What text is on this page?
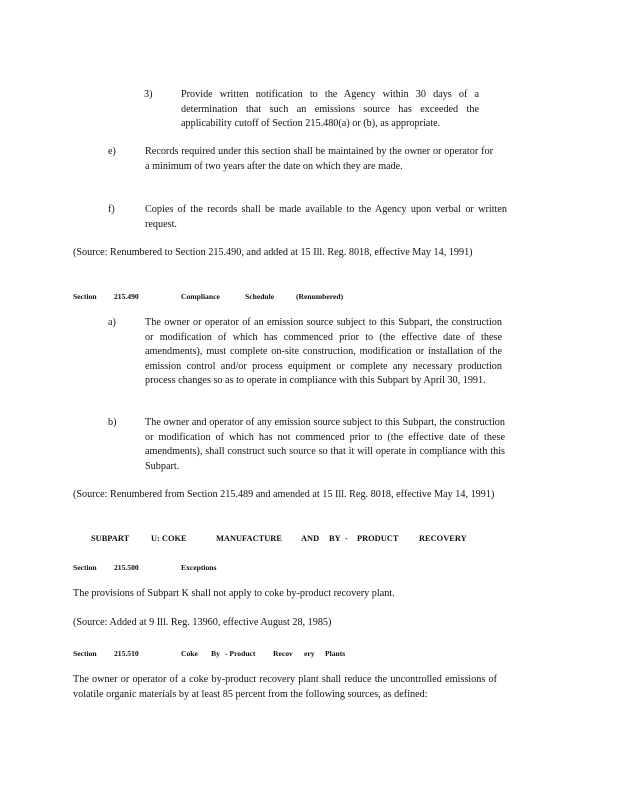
3)	Provide written notification to the Agency within 30 days of a determination that such an emissions source has exceeded the applicability cutoff of Section 215.480(a) or (b), as appropriate.
e)	Records required under this section shall be maintained by the owner or operator for a minimum of two years after the date on which they are made.
f)	Copies of the records shall be made available to the Agency upon verbal or written request.
(Source: Renumbered to Section 215.490, and added at 15 Ill. Reg. 8018, effective May 14, 1991)
Section 215.490	Compliance	Schedule	(Renumbered)
a)	The owner or operator of an emission source subject to this Subpart, the construction or modification of which has commenced prior to (the effective date of these amendments), must complete on-site construction, modification or installation of the emission control and/or process equipment or complete any necessary production process changes so as to operate in compliance with this Subpart by April 30, 1991.
b)	The owner and operator of any emission source subject to this Subpart, the construction or modification of which has not commenced prior to (the effective date of these amendments), shall construct such source so that it will operate in compliance with this Subpart.
(Source: Renumbered from Section 215.489 and amended at 15 Ill. Reg. 8018, effective May 14, 1991)
SUBPART	U: COKE	MANUFACTURE AND BY - PRODUCT RECOVERY
Section 215.500	Exceptions
The provisions of Subpart K shall not apply to coke by-product recovery plant.
(Source: Added at 9 Ill. Reg. 13960, effective August 28, 1985)
Section 215.510	Coke By - Product Recov ery Plants
The owner or operator of a coke by-product recovery plant shall reduce the uncontrolled emissions of volatile organic materials by at least 85 percent from the following sources, as defined:
